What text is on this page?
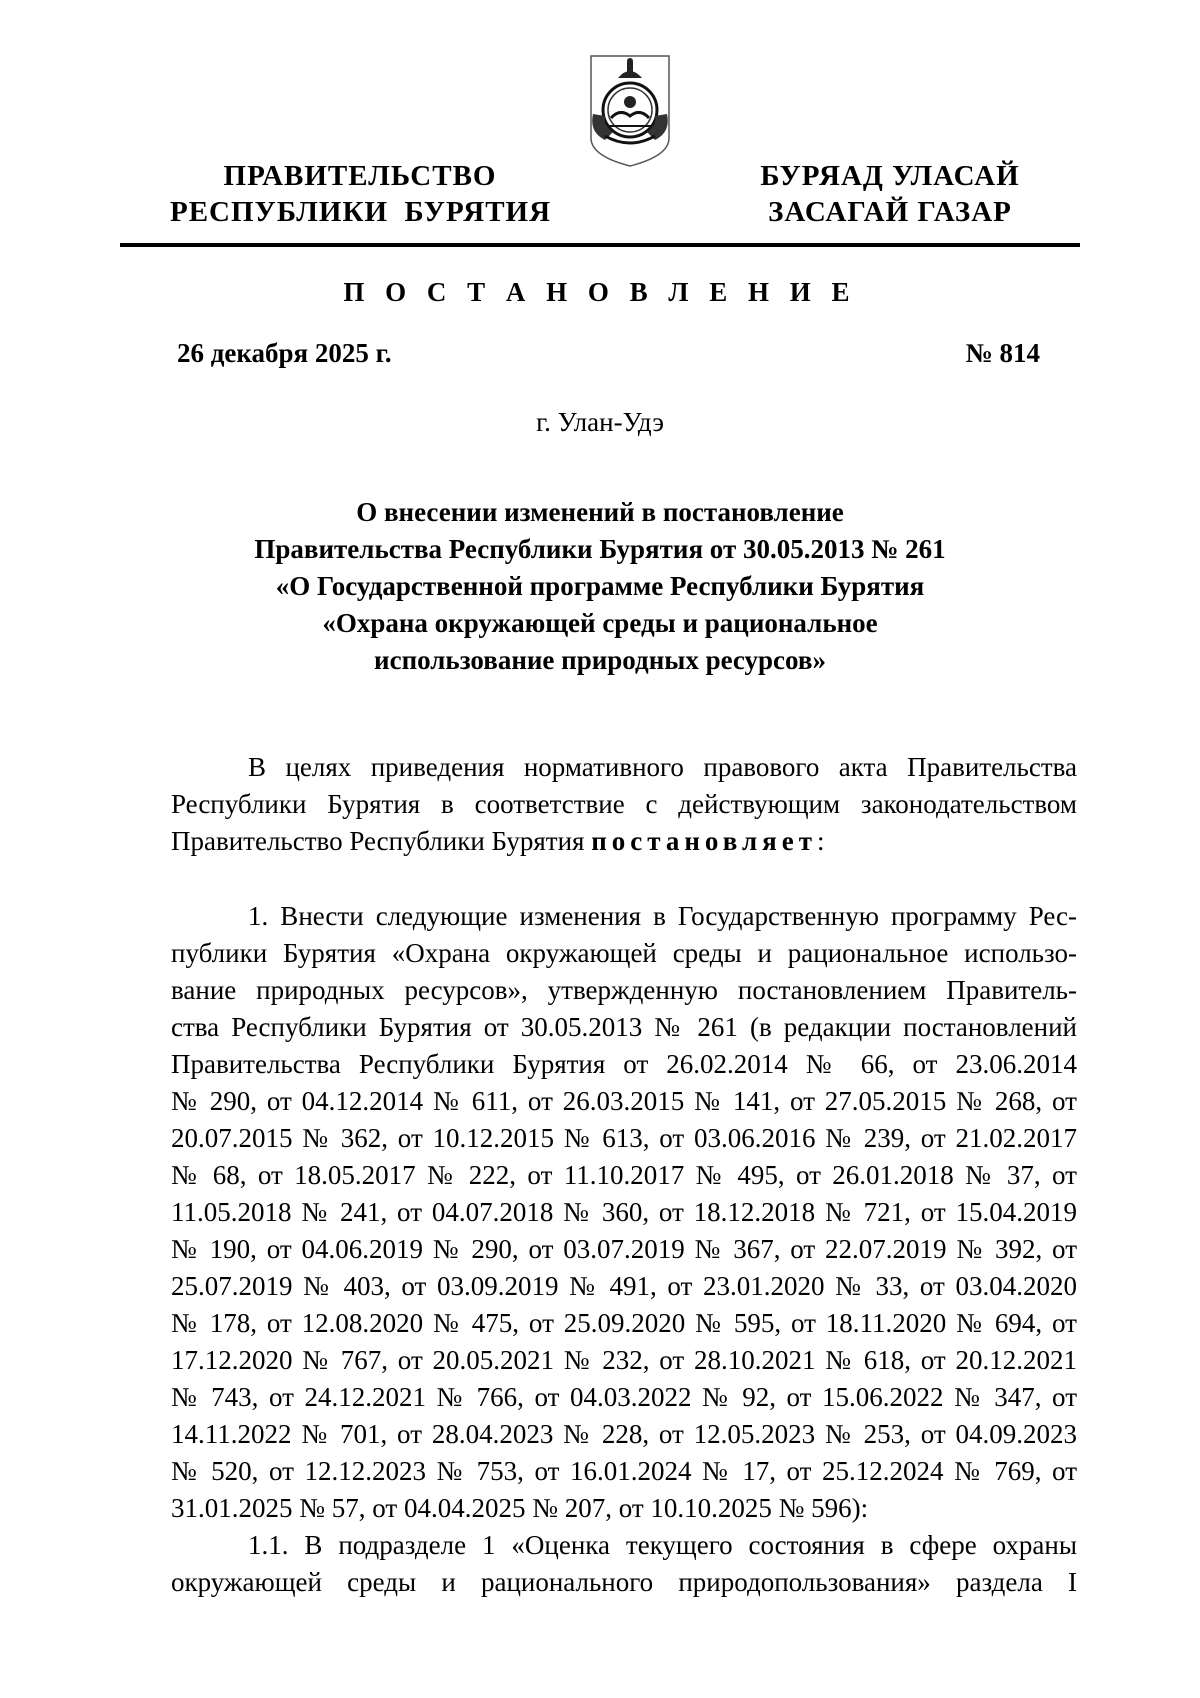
ПРАВИТЕЛЬСТВО
РЕСПУБЛИКИ  БУРЯТИЯ
БУРЯАД УЛАСАЙ
ЗАСАГАЙ ГАЗАР
П О С Т А Н О В Л Е Н И Е
26 декабря 2025 г.	№ 814
г. Улан-Удэ
О внесении изменений в постановление
Правительства Республики Бурятия от 30.05.2013 № 261
«О Государственной программе Республики Бурятия
«Охрана окружающей среды и рациональное
использование природных ресурсов»
В целях приведения нормативного правового акта Правительства
Республики Бурятия в соответствие с действующим законодательством
Правительство Республики Бурятия постановляет:
1. Внести следующие изменения в Государственную программу Рес-
публики Бурятия «Охрана окружающей среды и рациональное использо-
вание природных ресурсов», утвержденную постановлением Правитель-
ства Республики Бурятия от 30.05.2013 № 261 (в редакции постановлений
Правительства Республики Бурятия от 26.02.2014 № 66, от 23.06.2014
№ 290, от 04.12.2014 № 611, от 26.03.2015 № 141, от 27.05.2015 № 268, от
20.07.2015 № 362, от 10.12.2015 № 613, от 03.06.2016 № 239, от 21.02.2017
№ 68, от 18.05.2017 № 222, от 11.10.2017 № 495, от 26.01.2018 № 37, от
11.05.2018 № 241, от 04.07.2018 № 360, от 18.12.2018 № 721, от 15.04.2019
№ 190, от 04.06.2019 № 290, от 03.07.2019 № 367, от 22.07.2019 № 392, от
25.07.2019 № 403, от 03.09.2019 № 491, от 23.01.2020 № 33, от 03.04.2020
№ 178, от 12.08.2020 № 475, от 25.09.2020 № 595, от 18.11.2020 № 694, от
17.12.2020 № 767, от 20.05.2021 № 232, от 28.10.2021 № 618, от 20.12.2021
№ 743, от 24.12.2021 № 766, от 04.03.2022 № 92, от 15.06.2022 № 347, от
14.11.2022 № 701, от 28.04.2023 № 228, от 12.05.2023 № 253, от 04.09.2023
№ 520, от 12.12.2023 № 753, от 16.01.2024 № 17, от 25.12.2024 № 769, от
31.01.2025 № 57, от 04.04.2025 № 207, от 10.10.2025 № 596):
1.1. В подразделе 1 «Оценка текущего состояния в сфере охраны
окружающей среды и рационального природопользования» раздела I
